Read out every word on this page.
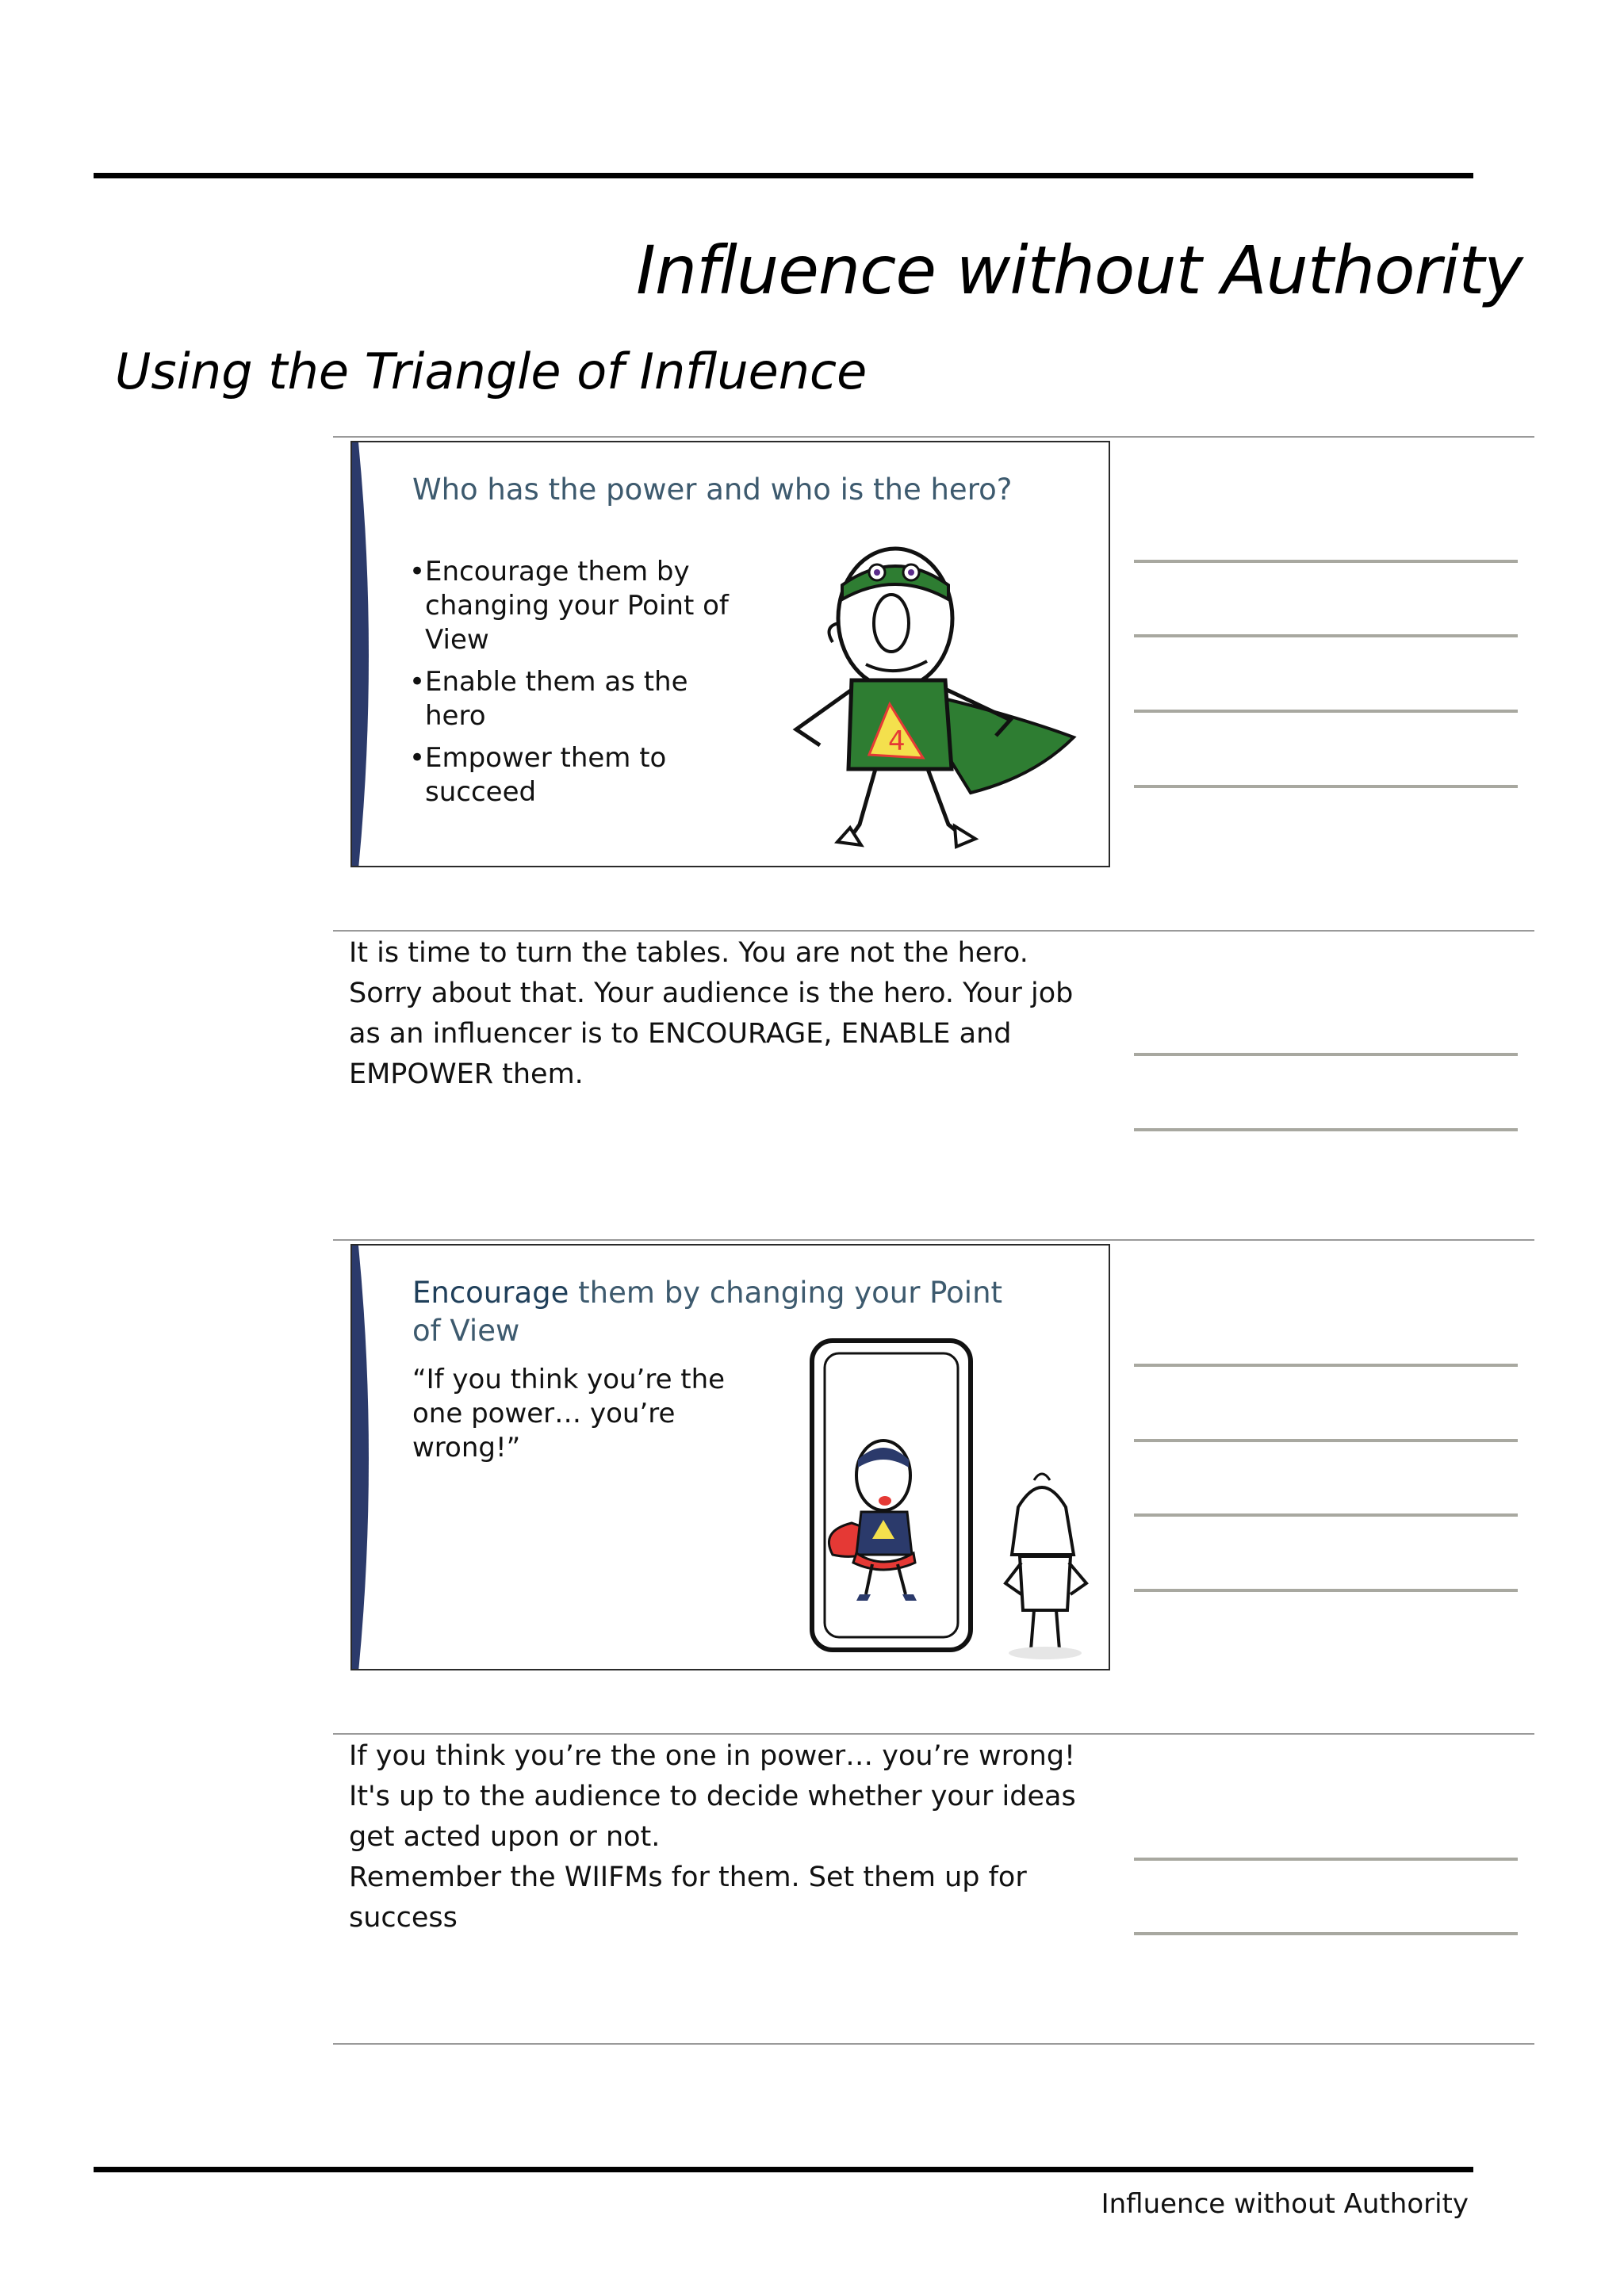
Influence without Authority
Using the Triangle of Influence
Who has the power and who is the hero?
• Encourage them by changing your Point of View
• Enable them as the hero
• Empower them to succeed
4

It is time to turn the tables. You are not the hero. Sorry about that. Your audience is the hero. Your job as an influencer is to ENCOURAGE, ENABLE and EMPOWER them.

Encourage them by changing your Point of View

“If you think you’re the one power… you’re wrong!”

If you think you’re the one in power… you’re wrong! It's up to the audience to decide whether your ideas get acted upon or not.
Remember the WIIFMs for them. Set them up for success

Influence without Authority
